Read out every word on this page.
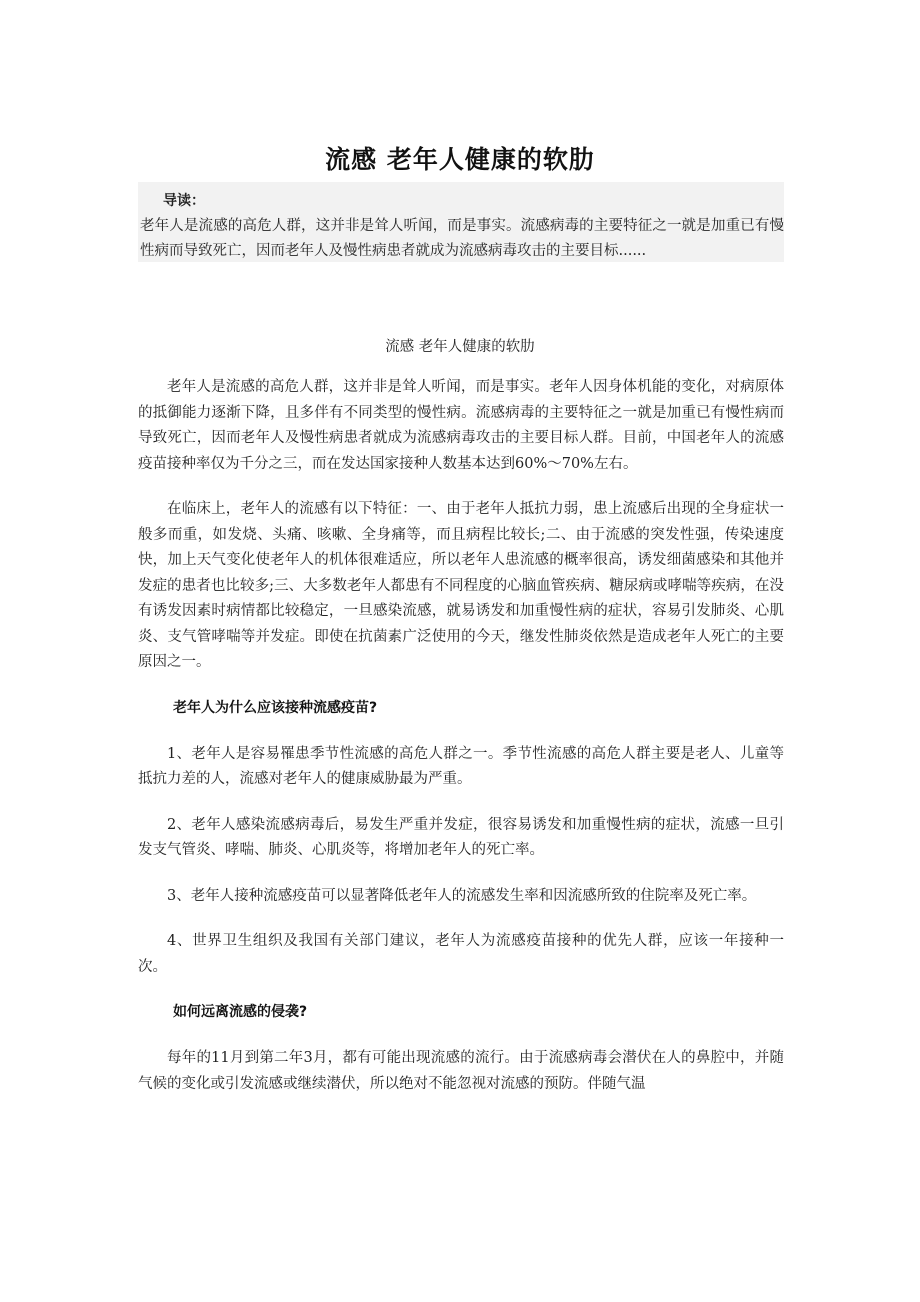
流感 老年人健康的软肋
导读：
老年人是流感的高危人群，这并非是耸人听闻，而是事实。流感病毒的主要特征之一就是加重已有慢性病而导致死亡，因而老年人及慢性病患者就成为流感病毒攻击的主要目标......
流感 老年人健康的软肋

老年人是流感的高危人群，这并非是耸人听闻，而是事实。老年人因身体机能的变化，对病原体的抵御能力逐渐下降，且多伴有不同类型的慢性病。流感病毒的主要特征之一就是加重已有慢性病而导致死亡，因而老年人及慢性病患者就成为流感病毒攻击的主要目标人群。目前，中国老年人的流感疫苗接种率仅为千分之三，而在发达国家接种人数基本达到60%～70%左右。

在临床上，老年人的流感有以下特征：一、由于老年人抵抗力弱，患上流感后出现的全身症状一般多而重，如发烧、头痛、咳嗽、全身痛等，而且病程比较长;二、由于流感的突发性强，传染速度快，加上天气变化使老年人的机体很难适应，所以老年人患流感的概率很高，诱发细菌感染和其他并发症的患者也比较多;三、大多数老年人都患有不同程度的心脑血管疾病、糖尿病或哮喘等疾病，在没有诱发因素时病情都比较稳定，一旦感染流感，就易诱发和加重慢性病的症状，容易引发肺炎、心肌炎、支气管哮喘等并发症。即使在抗菌素广泛使用的今天，继发性肺炎依然是造成老年人死亡的主要原因之一。

老年人为什么应该接种流感疫苗?

1、老年人是容易罹患季节性流感的高危人群之一。季节性流感的高危人群主要是老人、儿童等抵抗力差的人，流感对老年人的健康威胁最为严重。

2、老年人感染流感病毒后，易发生严重并发症，很容易诱发和加重慢性病的症状，流感一旦引发支气管炎、哮喘、肺炎、心肌炎等，将增加老年人的死亡率。

3、老年人接种流感疫苗可以显著降低老年人的流感发生率和因流感所致的住院率及死亡率。

4、世界卫生组织及我国有关部门建议，老年人为流感疫苗接种的优先人群，应该一年接种一次。

如何远离流感的侵袭?

每年的11月到第二年3月，都有可能出现流感的流行。由于流感病毒会潜伏在人的鼻腔中，并随气候的变化或引发流感或继续潜伏，所以绝对不能忽视对流感的预防。伴随气温
